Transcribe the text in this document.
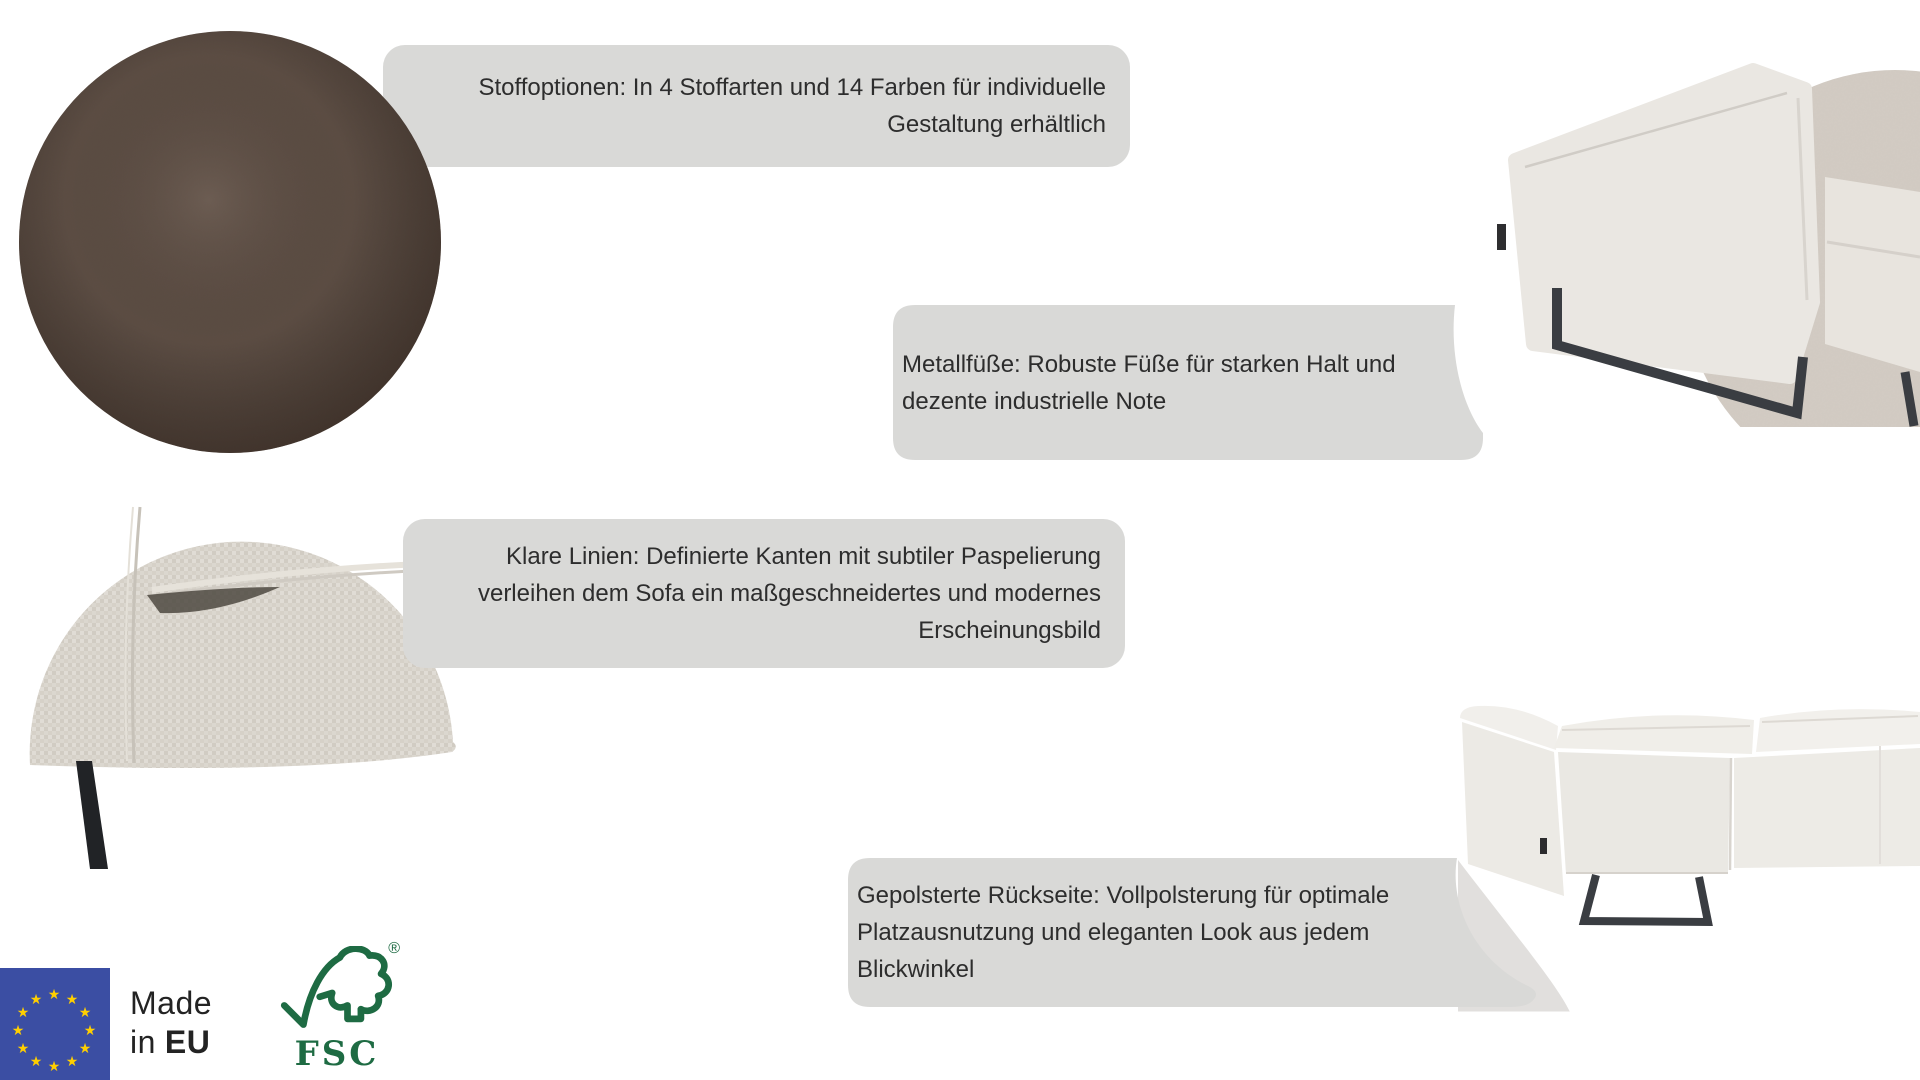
Stoffoptionen: In 4 Stoffarten und 14 Farben für individuelle
Gestaltung erhältlich
Metallfüße: Robuste Füße für starken Halt und
dezente industrielle Note
Klare Linien: Definierte Kanten mit subtiler Paspelierung
verleihen dem Sofa ein maßgeschneidertes und modernes
Erscheinungsbild
Gepolsterte Rückseite: Vollpolsterung für optimale
Platzausnutzung und eleganten Look aus jedem
Blickwinkel
★
★
★
★
★
★
★
★
★
★
★
★
Made
in EU
®
FSC
